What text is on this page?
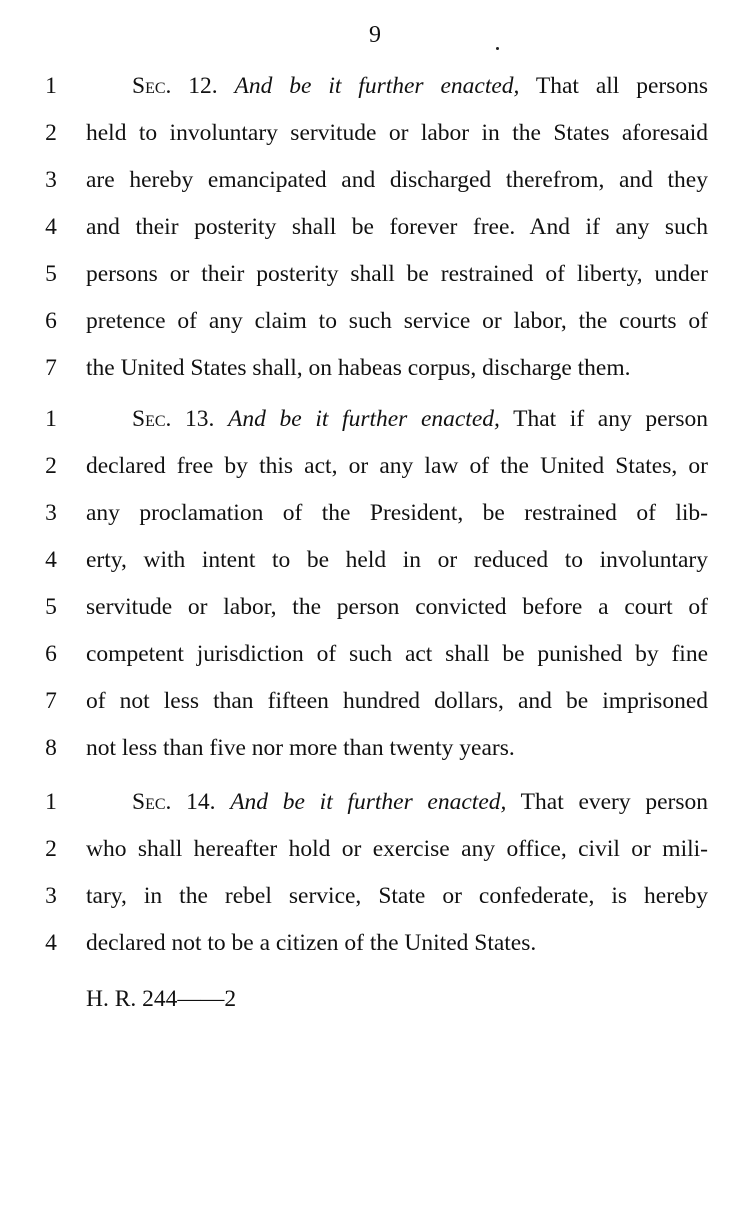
9
1	Sec. 12. And be it further enacted, That all persons
2	held to involuntary servitude or labor in the States aforesaid
3	are hereby emancipated and discharged therefrom, and they
4	and their posterity shall be forever free. And if any such
5	persons or their posterity shall be restrained of liberty, under
6	pretence of any claim to such service or labor, the courts of
7	the United States shall, on habeas corpus, discharge them.
1	Sec. 13. And be it further enacted, That if any person
2	declared free by this act, or any law of the United States, or
3	any proclamation of the President, be restrained of lib-
4	erty, with intent to be held in or reduced to involuntary
5	servitude or labor, the person convicted before a court of
6	competent jurisdiction of such act shall be punished by fine
7	of not less than fifteen hundred dollars, and be imprisoned
8	not less than five nor more than twenty years.
1	Sec. 14. And be it further enacted, That every person
2	who shall hereafter hold or exercise any office, civil or mili-
3	tary, in the rebel service, State or confederate, is hereby
4	declared not to be a citizen of the United States.
H. R. 244——2
